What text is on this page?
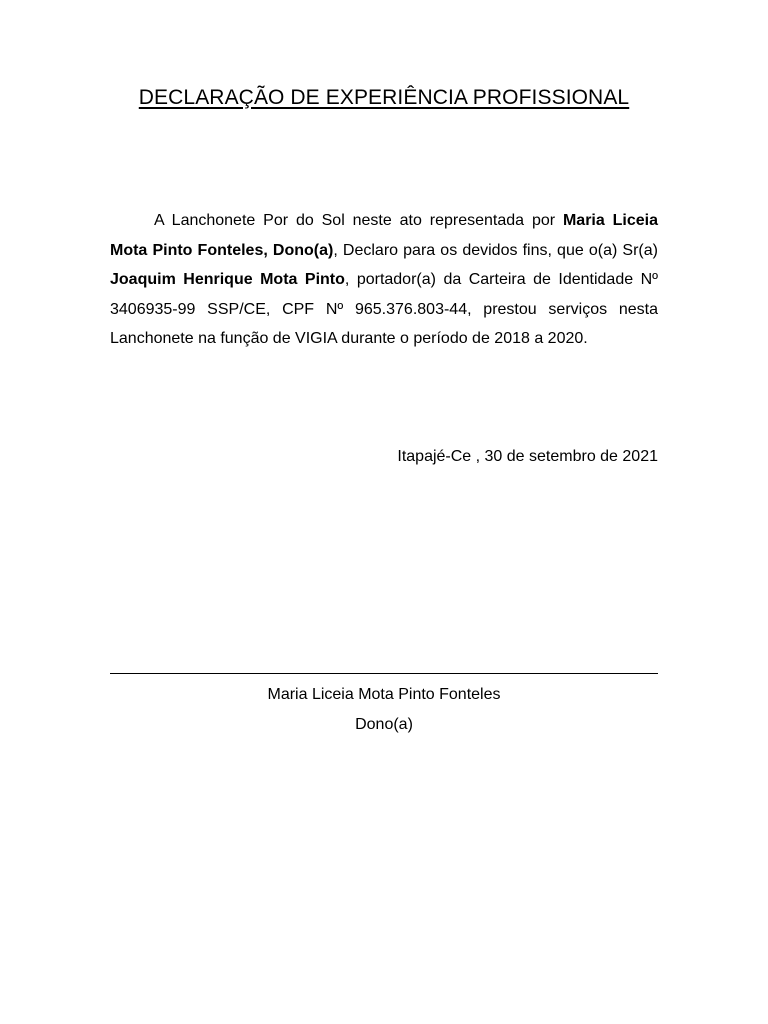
DECLARAÇÃO DE EXPERIÊNCIA PROFISSIONAL

A Lanchonete Por do Sol neste ato representada por Maria Liceia Mota Pinto Fonteles, Dono(a), Declaro para os devidos fins, que o(a) Sr(a) Joaquim Henrique Mota Pinto, portador(a) da Carteira de Identidade Nº 3406935-99 SSP/CE, CPF Nº 965.376.803-44, prestou serviços nesta Lanchonete na função de VIGIA durante o período de 2018 a 2020.

Itapajé-Ce , 30 de setembro de 2021

Maria Liceia Mota Pinto Fonteles

Dono(a)
